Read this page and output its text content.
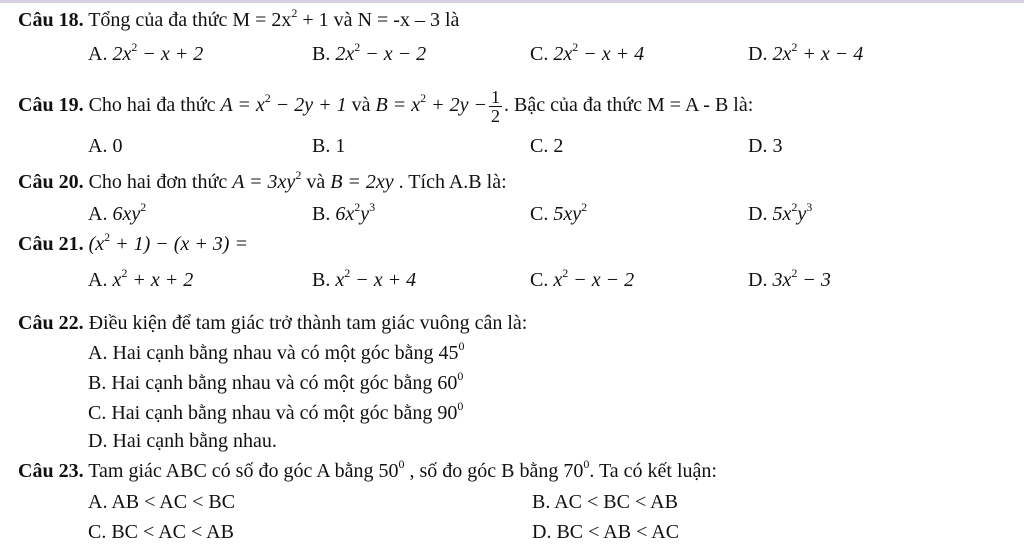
Câu 18. Tổng của đa thức $M = 2x^2 + 1$ và N = -x – 3 là
A. $2x^2 - x + 2$	B. $2x^2 - x - 2$	C. $2x^2 - x + 4$	D. $2x^2 + x - 4$
Câu 19. Cho hai đa thức $A = x^2 - 2y + 1$ và $B = x^2 + 2y - \frac{1}{2}$ . Bậc của đa thức M = A - B là:
A. 0	B. 1	C. 2	D. 3
Câu 20. Cho hai đơn thức $A = 3xy^2$ và B = 2xy . Tích A.B là:
A. $6xy^2$	B. $6x^2y^3$	C. $5xy^2$	D. $5x^2y^3$
Câu 21. $(x^2 + 1) - (x + 3)$ =
A. $x^2 + x + 2$	B. $x^2 - x + 4$	C. $x^2 - x - 2$	D. $3x^2 - 3$
Câu 22. Điều kiện để tam giác trở thành tam giác vuông cân là:
A. Hai cạnh bằng nhau và có một góc bằng $45^0$
B. Hai cạnh bằng nhau và có một góc bằng $60^0$
C. Hai cạnh bằng nhau và có một góc bằng $90^0$
D. Hai cạnh bằng nhau.
Câu 23. Tam giác ABC có số đo góc A bằng $50^0$ , số đo góc B bằng $70^0$. Ta có kết luận:
A. AB < AC < BC	B. AC < BC < AB
C. BC < AC < AB	D. BC < AB < AC
